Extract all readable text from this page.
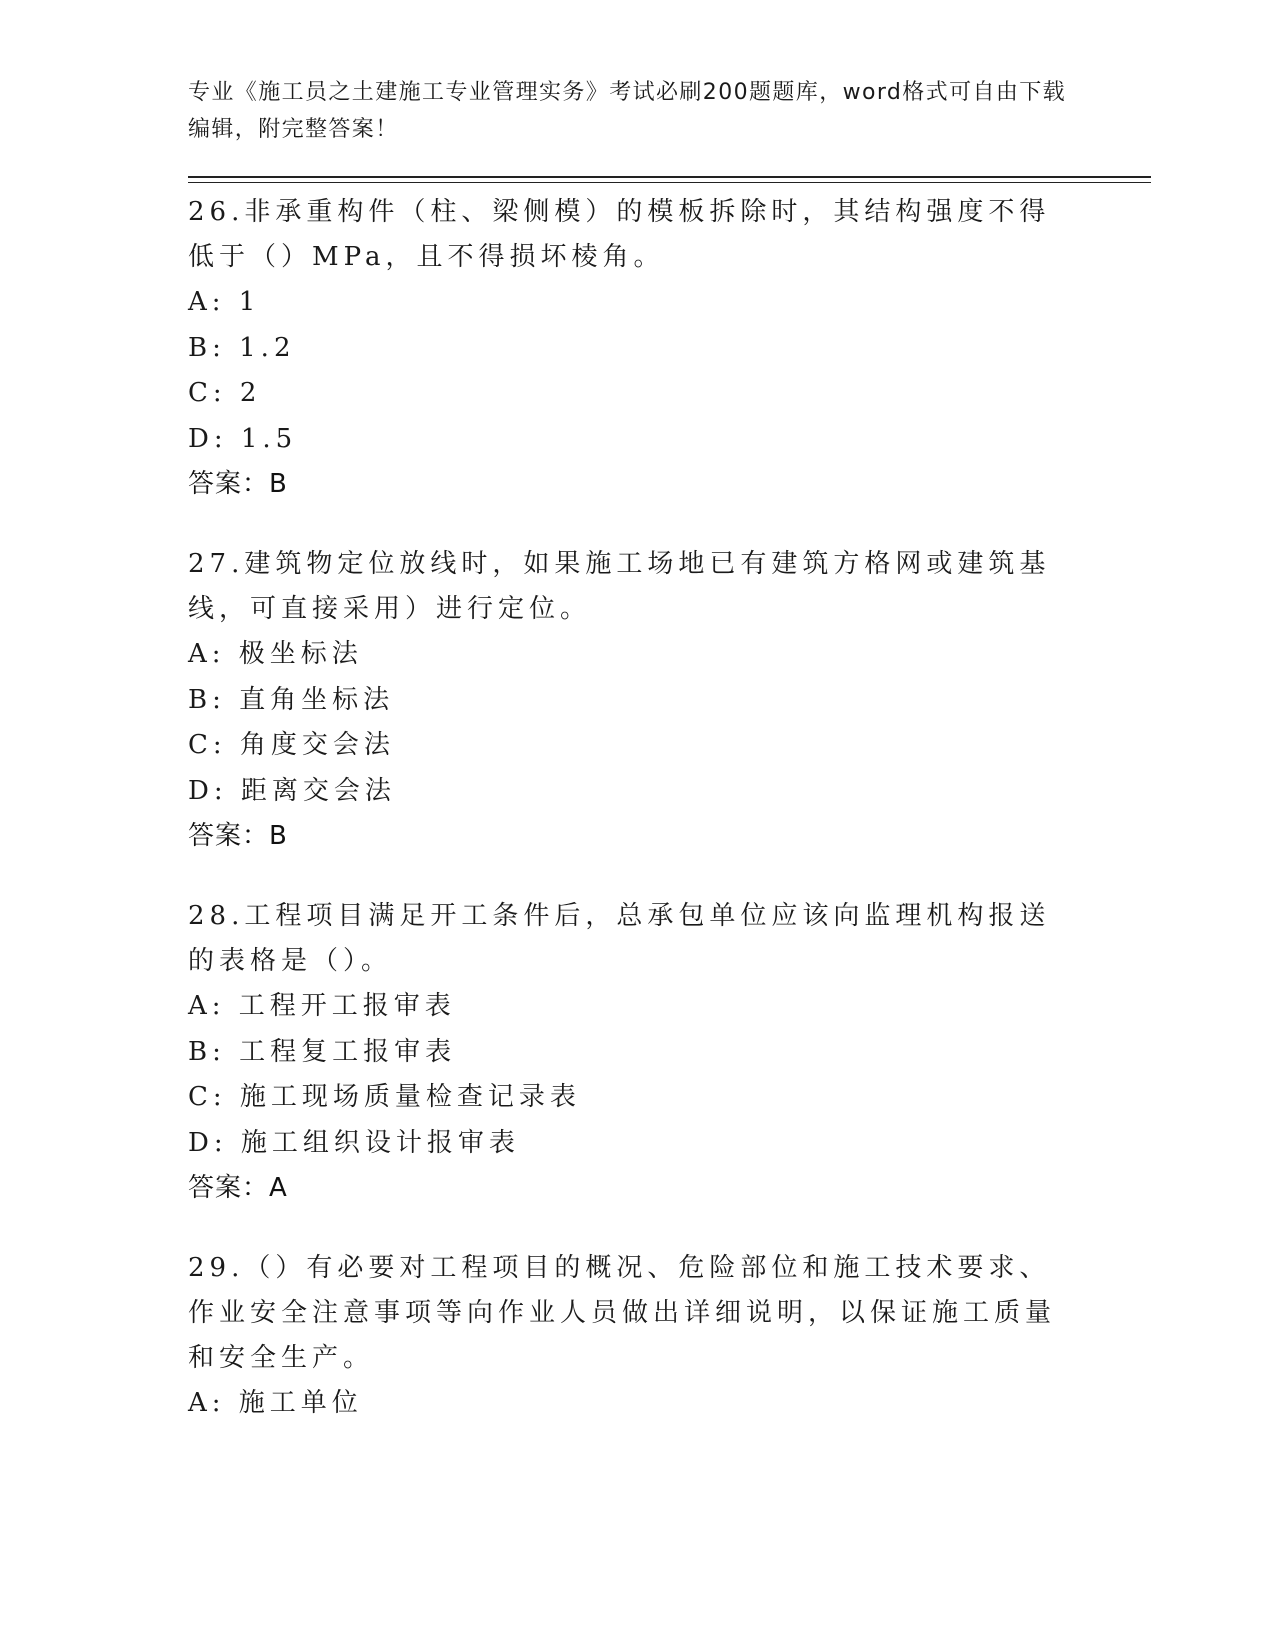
专业《施工员之土建施工专业管理实务》考试必刷200题题库，word格式可自由下载编辑，附完整答案！
26.非承重构件（柱、梁侧模）的模板拆除时，其结构强度不得低于（）MPa，且不得损坏棱角。
A: 1
B: 1.2
C: 2
D: 1.5
答案：B
27.建筑物定位放线时，如果施工场地已有建筑方格网或建筑基线，可直接采用）进行定位。
A: 极坐标法
B: 直角坐标法
C: 角度交会法
D: 距离交会法
答案：B
28.工程项目满足开工条件后，总承包单位应该向监理机构报送的表格是（）。
A: 工程开工报审表
B: 工程复工报审表
C: 施工现场质量检查记录表
D: 施工组织设计报审表
答案：A
29.（）有必要对工程项目的概况、危险部位和施工技术要求、作业安全注意事项等向作业人员做出详细说明，以保证施工质量和安全生产。
A: 施工单位
